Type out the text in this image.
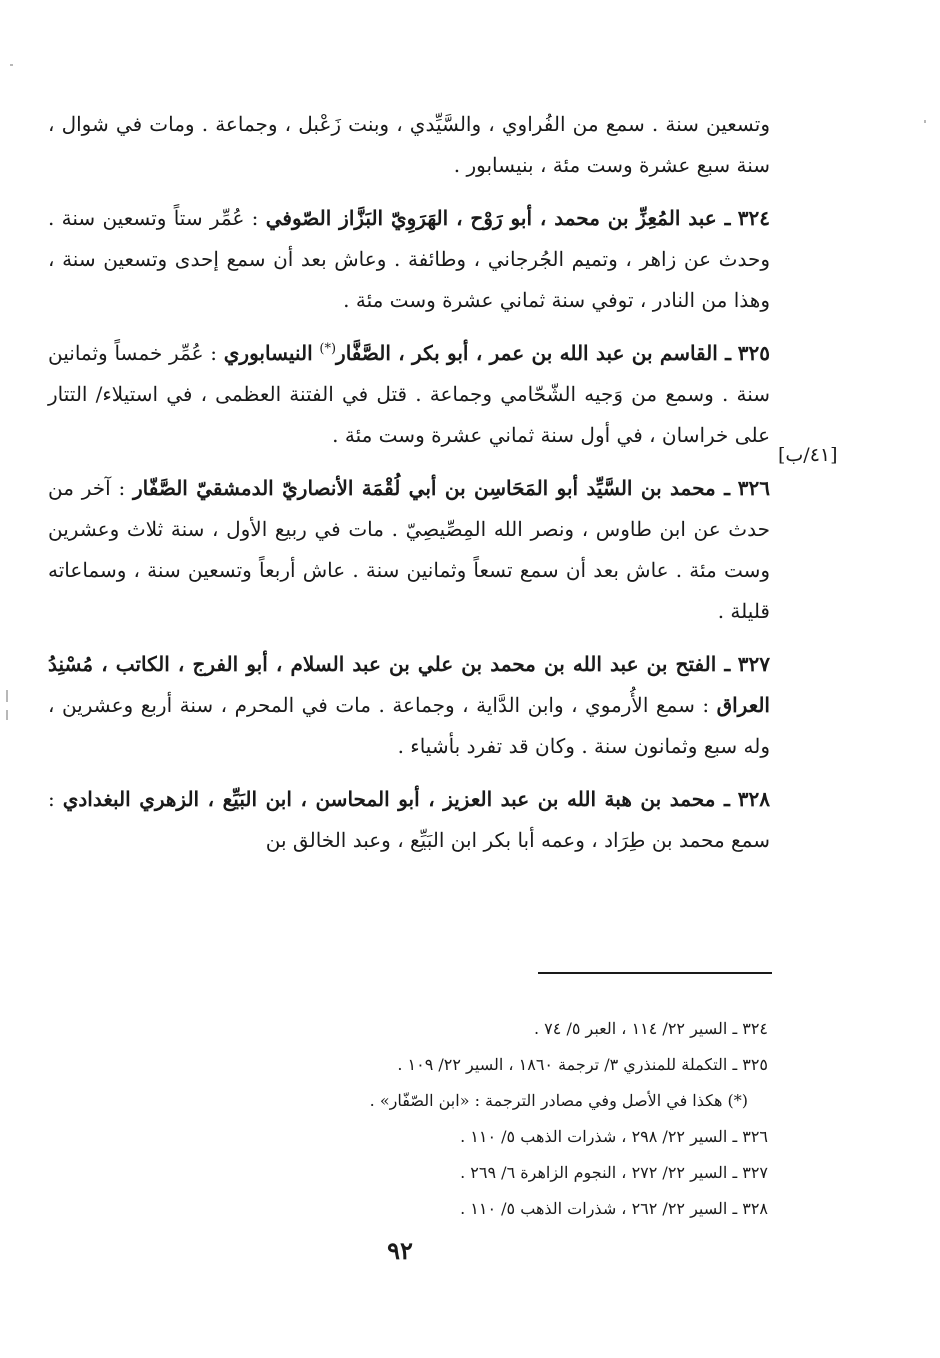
وتسعين سنة . سمع من الفُراوي ، والسَّيِّدي ، وبنت زَعْبل ، وجماعة . ومات في شوال ، سنة سبع عشرة وست مئة ، بنيسابور .

٣٢٤ ـ عبد المُعِزِّ بن محمد ، أبو رَوْح ، الهَرَوِيّ البَزَّاز الصّوفي : عُمِّر ستاً وتسعين سنة . وحدث عن زاهر ، وتميم الجُرجاني ، وطائفة . وعاش بعد أن سمع إحدى وتسعين سنة ، وهذا من النادر ، توفي سنة ثماني عشرة وست مئة .

٣٢٥ ـ القاسم بن عبد الله بن عمر ، أبو بكر ، الصَّفَّار(*) النيسابوري : عُمِّر خمساً وثمانين سنة . وسمع من وَجيه الشّحّامي وجماعة . قتل في الفتنة العظمى ، في استيلاء/ التتار على خراسان ، في أول سنة ثماني عشرة وست مئة .

٣٢٦ ـ محمد بن السَّيِّد أبو المَحَاسِن بن أبي لُقْمَة الأنصاريّ الدمشقيّ الصَّفّار : آخر من حدث عن ابن طاوس ، ونصر الله المِصِّيصِيّ . مات في ربيع الأول ، سنة ثلاث وعشرين وست مئة . عاش بعد أن سمع تسعاً وثمانين سنة . عاش أربعاً وتسعين سنة ، وسماعاته قليلة .

٣٢٧ ـ الفتح بن عبد الله بن محمد بن علي بن عبد السلام ، أبو الفرج ، الكاتب ، مُسْنِدُ العراق : سمع الأُرموي ، وابن الدَّاية ، وجماعة . مات في المحرم ، سنة أربع وعشرين ، وله سبع وثمانون سنة . وكان قد تفرد بأشياء .

٣٢٨ ـ محمد بن هبة الله بن عبد العزيز ، أبو المحاسن ، ابن البَيِّع ، الزهري البغدادي : سمع محمد بن طِرَاد ، وعمه أبا بكر ابن البَيِّع ، وعبد الخالق بن

[٤١/ب]
٣٢٤ ـ السير ٢٢/ ١١٤ ، العبر ٥/ ٧٤ .
٣٢٥ ـ التكملة للمنذري ٣/ ترجمة ١٨٦٠ ، السير ٢٢/ ١٠٩ .
(*) هكذا في الأصل وفي مصادر الترجمة : «ابن الصّفّار» .
٣٢٦ ـ السير ٢٢/ ٢٩٨ ، شذرات الذهب ٥/ ١١٠ .
٣٢٧ ـ السير ٢٢/ ٢٧٢ ، النجوم الزاهرة ٦/ ٢٦٩ .
٣٢٨ ـ السير ٢٢/ ٢٦٢ ، شذرات الذهب ٥/ ١١٠ .
٩٢
